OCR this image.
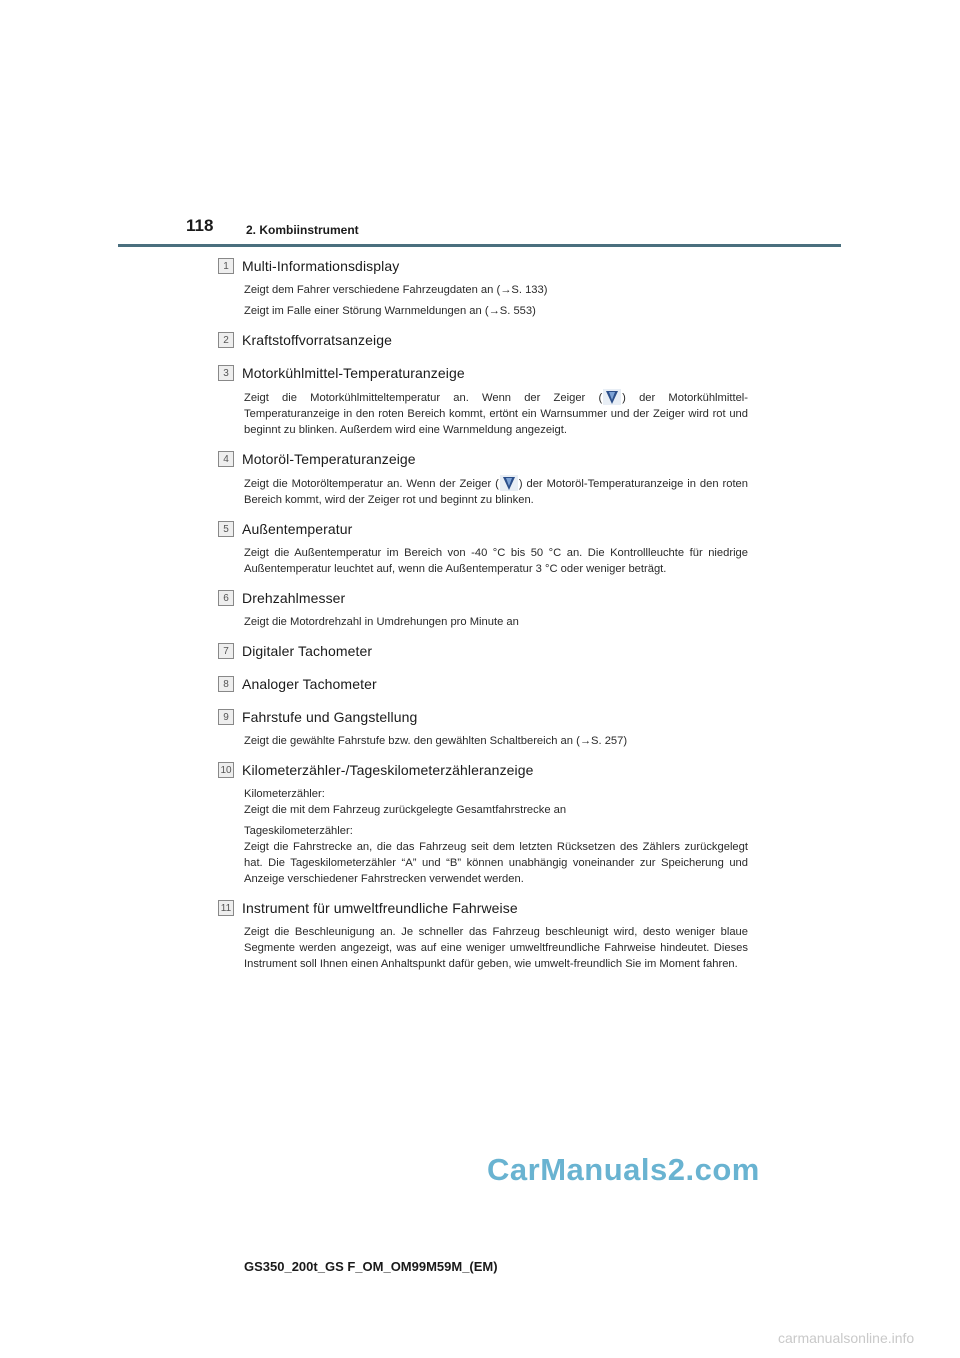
118	2. Kombiinstrument
1 Multi-Informationsdisplay

Zeigt dem Fahrer verschiedene Fahrzeugdaten an (→S. 133)

Zeigt im Falle einer Störung Warnmeldungen an (→S. 553)

2 Kraftstoffvorratsanzeige
3 Motorkühlmittel-Temperaturanzeige

Zeigt die Motorkühlmitteltemperatur an. Wenn der Zeiger ( ) der Motorkühlmittel-Temperaturanzeige in den roten Bereich kommt, ertönt ein Warnsummer und der Zeiger wird rot und beginnt zu blinken. Außerdem wird eine Warnmeldung angezeigt.

4 Motoröl-Temperaturanzeige

Zeigt die Motoröltemperatur an. Wenn der Zeiger ( ) der Motoröl-Temperaturanzeige in den roten Bereich kommt, wird der Zeiger rot und beginnt zu blinken.

5 Außentemperatur

Zeigt die Außentemperatur im Bereich von -40 °C bis 50 °C an. Die Kontrollleuchte für niedrige Außentemperatur leuchtet auf, wenn die Außentemperatur 3 °C oder weniger beträgt.

6 Drehzahlmesser

Zeigt die Motordrehzahl in Umdrehungen pro Minute an

7 Digitaler Tachometer
8 Analoger Tachometer
9 Fahrstufe und Gangstellung

Zeigt die gewählte Fahrstufe bzw. den gewählten Schaltbereich an (→S. 257)

10 Kilometerzähler-/Tageskilometerzähleranzeige

Kilometerzähler:
Zeigt die mit dem Fahrzeug zurückgelegte Gesamtfahrstrecke an

Tageskilometerzähler:
Zeigt die Fahrstrecke an, die das Fahrzeug seit dem letzten Rücksetzen des Zählers zurückgelegt hat. Die Tageskilometerzähler “A” und “B” können unabhängig voneinander zur Speicherung und Anzeige verschiedener Fahrstrecken verwendet werden.

11 Instrument für umweltfreundliche Fahrweise

Zeigt die Beschleunigung an. Je schneller das Fahrzeug beschleunigt wird, desto weniger blaue Segmente werden angezeigt, was auf eine weniger umweltfreundliche Fahrweise hindeutet. Dieses Instrument soll Ihnen einen Anhaltspunkt dafür geben, wie umwelt-freundlich Sie im Moment fahren.

CarManuals2.com
GS350_200t_GS F_OM_OM99M59M_(EM)
carmanualsonline.info
